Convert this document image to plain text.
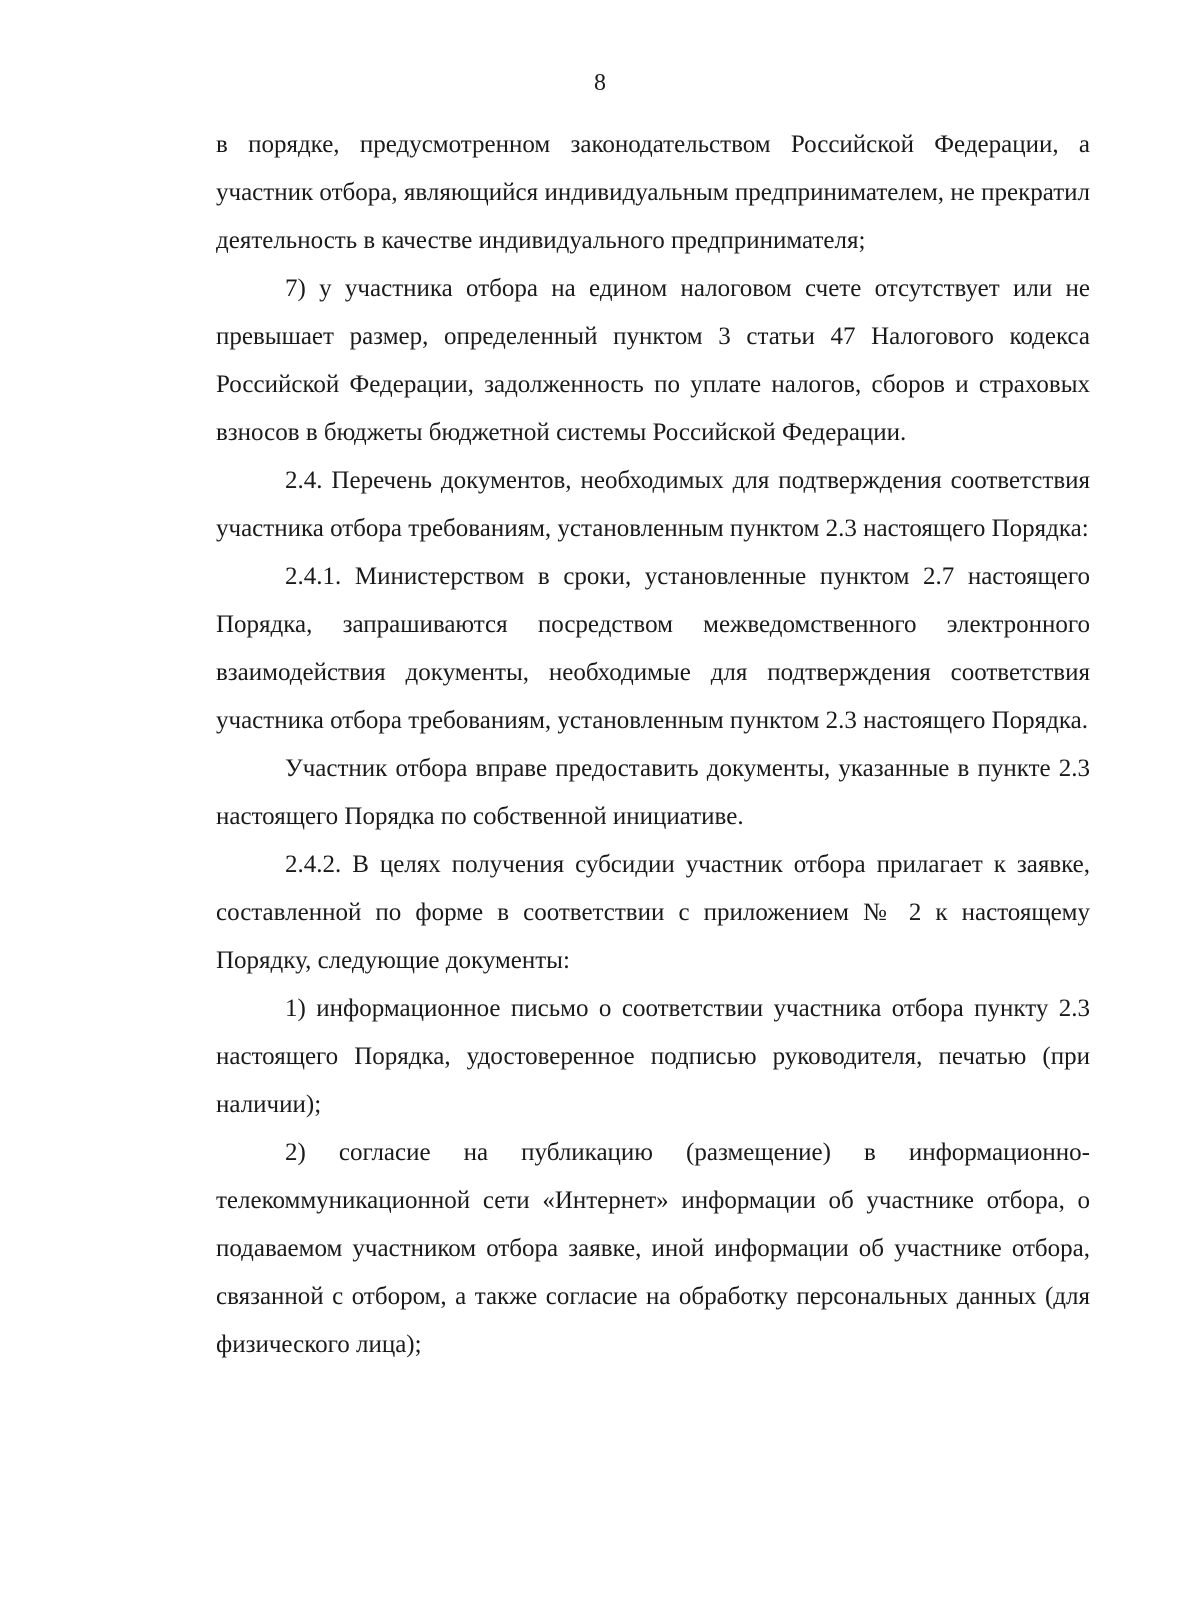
8

в порядке, предусмотренном законодательством Российской Федерации, а участник отбора, являющийся индивидуальным предпринимателем, не прекратил деятельность в качестве индивидуального предпринимателя;

7) у участника отбора на едином налоговом счете отсутствует или не превышает размер, определенный пунктом 3 статьи 47 Налогового кодекса Российской Федерации, задолженность по уплате налогов, сборов и страховых взносов в бюджеты бюджетной системы Российской Федерации.

2.4. Перечень документов, необходимых для подтверждения соответствия участника отбора требованиям, установленным пунктом 2.3 настоящего Порядка:

2.4.1. Министерством в сроки, установленные пунктом 2.7 настоящего Порядка, запрашиваются посредством межведомственного электронного взаимодействия документы, необходимые для подтверждения соответствия участника отбора требованиям, установленным пунктом 2.3 настоящего Порядка.

Участник отбора вправе предоставить документы, указанные в пункте 2.3 настоящего Порядка по собственной инициативе.

2.4.2. В целях получения субсидии участник отбора прилагает к заявке, составленной по форме в соответствии с приложением № 2 к настоящему Порядку, следующие документы:

1) информационное письмо о соответствии участника отбора пункту 2.3 настоящего Порядка, удостоверенное подписью руководителя, печатью (при наличии);

2) согласие на публикацию (размещение) в информационно-телекоммуникационной сети «Интернет» информации об участнике отбора, о подаваемом участником отбора заявке, иной информации об участнике отбора, связанной с отбором, а также согласие на обработку персональных данных (для физического лица);
